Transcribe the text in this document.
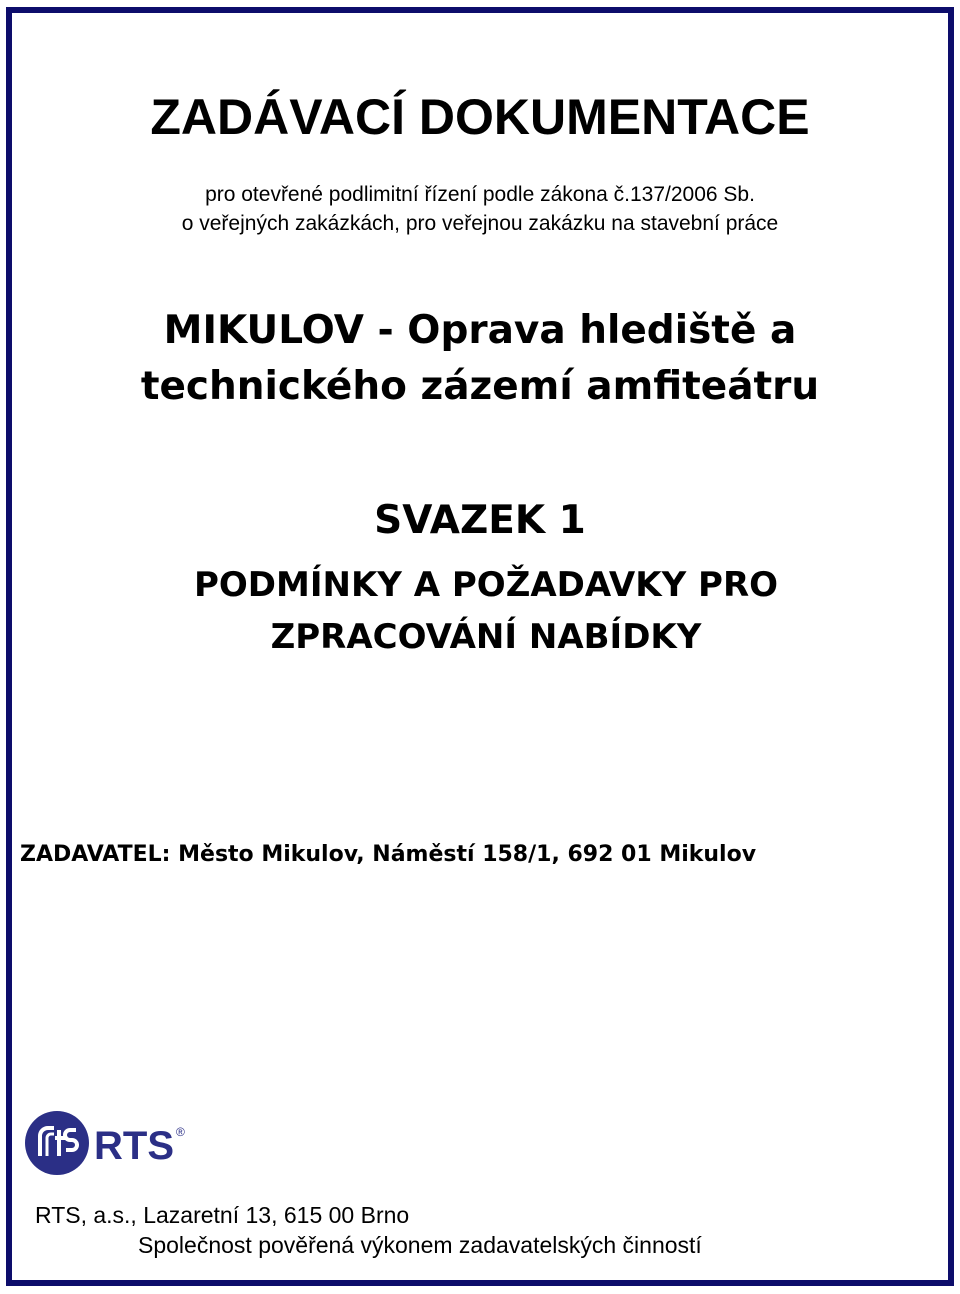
ZADÁVACÍ DOKUMENTACE
pro otevřené podlimitní řízení podle zákona č.137/2006 Sb.
o veřejných zakázkách, pro veřejnou zakázku na stavební práce
MIKULOV - Oprava hlediště a
technického zázemí amfiteátru
SVAZEK 1
PODMÍNKY A POŽADAVKY PRO
ZPRACOVÁNÍ NABÍDKY
ZADAVATEL: Město Mikulov, Náměstí 158/1, 692 01 Mikulov
RTS ®
RTS, a.s., Lazaretní 13, 615 00 Brno
Společnost pověřená výkonem zadavatelských činností
